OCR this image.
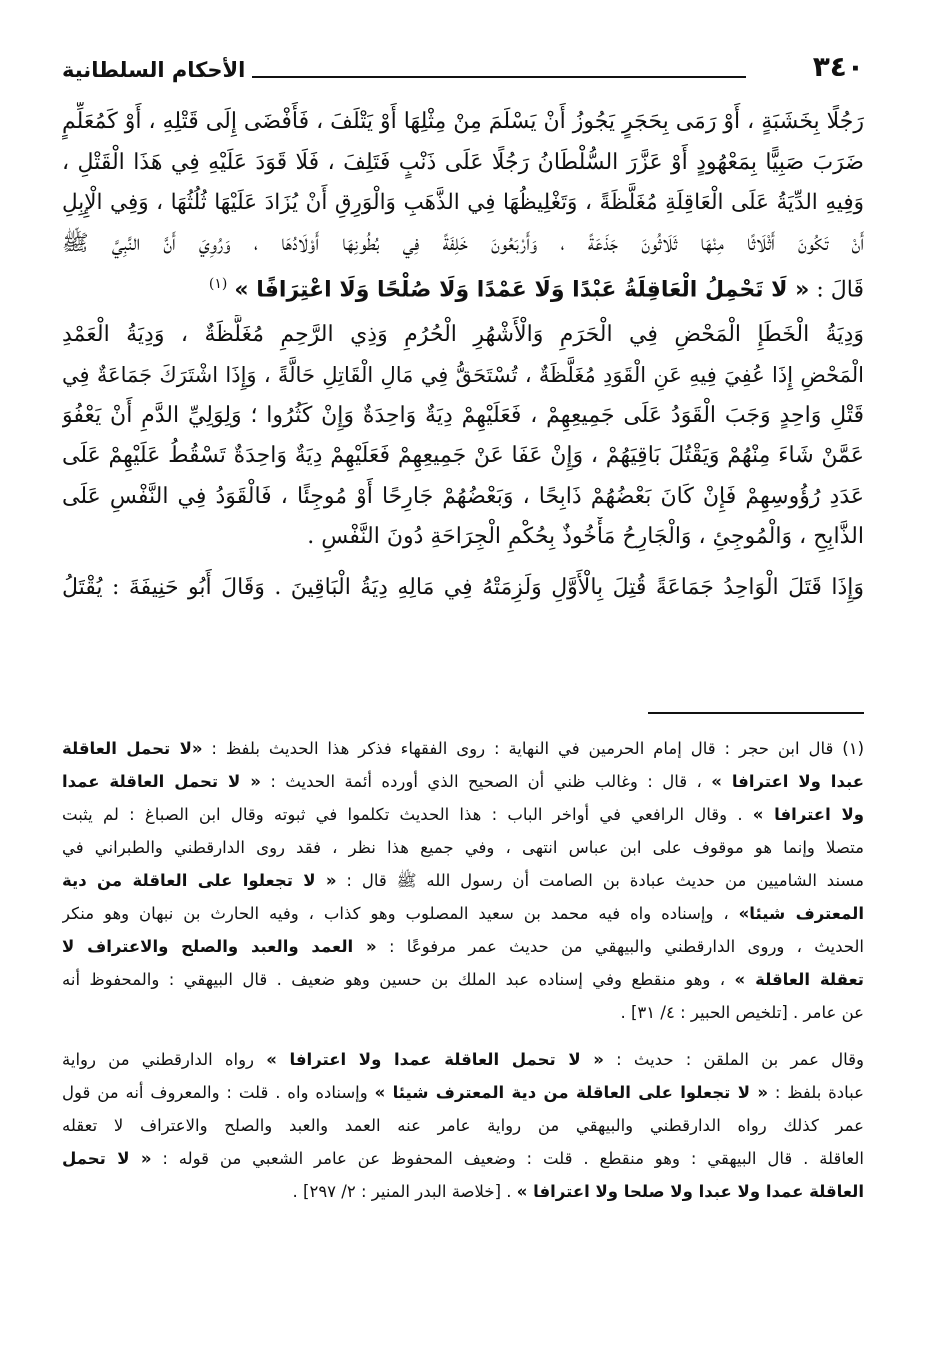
الأحكام السلطانية	٣٤٠
رَجُلًا بِخَشَبَةٍ ، أَوْ رَمَى بِحَجَرٍ يَجُوزُ أَنْ يَسْلَمَ مِنْ مِثْلِهَا أَوْ يَتْلَفَ ، فَأَفْضَى إِلَى قَتْلِهِ ، أَوْ كَمُعَلِّمٍ
ضَرَبَ صَبِيًّا بِمَعْهُودٍ أَوْ عَزَّرَ السُّلْطَانُ رَجُلًا عَلَى ذَنْبٍ فَتَلِفَ ، فَلَا قَوَدَ عَلَيْهِ فِي هَذَا الْقَتْلِ ،
وَفِيهِ الدِّيَةُ عَلَى الْعَاقِلَةِ مُغَلَّظَةً ، وَتَغْلِيظُهَا فِي الذَّهَبِ وَالْوَرِقِ أَنْ يُزَادَ عَلَيْهَا ثُلُثُهَا ، وَفِي الْإِبِلِ
أَنْ تَكُونَ أَثْلَاثًا مِنْهَا ثَلَاثُونَ جَذَعَةً ، وَأَرْبَعُونَ خَلِفَةً فِي بُطُونِهَا أَوْلَادُهَا ، وَرُوِيَ أَنَّ النَّبِيَّ ﷺ
قَالَ : « لَا تَحْمِلُ الْعَاقِلَةُ عَبْدًا وَلَا عَمْدًا وَلَا صُلْحًا وَلَا اعْتِرَافًا » $^{(١)}$
وَدِيَةُ الْخَطَإِ الْمَحْضِ فِي الْحَرَمِ وَالْأَشْهُرِ الْحُرُمِ وَذِي الرَّحِمِ مُغَلَّظَةٌ ، وَدِيَةُ الْعَمْدِ
الْمَحْضِ إِذَا عُفِيَ فِيهِ عَنِ الْقَوَدِ مُغَلَّظَةٌ ، تُسْتَحَقُّ فِي مَالِ الْقَاتِلِ حَالَّةً ، وَإِذَا اشْتَرَكَ جَمَاعَةٌ فِي
قَتْلِ وَاحِدٍ وَجَبَ الْقَوَدُ عَلَى جَمِيعِهِمْ ، فَعَلَيْهِمْ دِيَةٌ وَاحِدَةٌ وَإِنْ كَثُرُوا ؛ وَلِوَلِيِّ الدَّمِ أَنْ يَعْفُوَ
عَمَّنْ شَاءَ مِنْهُمْ وَيَقْتُلَ بَاقِيَهُمْ ، وَإِنْ عَفَا عَنْ جَمِيعِهِمْ فَعَلَيْهِمْ دِيَةٌ وَاحِدَةٌ تَسْقُطُ عَلَيْهِمْ عَلَى
عَدَدِ رُؤُوسِهِمْ فَإِنْ كَانَ بَعْضُهُمْ ذَابِحًا ، وَبَعْضُهُمْ جَارِحًا أَوْ مُوجِئًا ، فَالْقَوَدُ فِي النَّفْسِ عَلَى
الذَّابِحِ ، وَالْمُوجِئِ ، وَالْجَارِحُ مَأْخُوذٌ بِحُكْمِ الْجِرَاحَةِ دُونَ النَّفْسِ .
وَإِذَا قَتَلَ الْوَاحِدُ جَمَاعَةً قُتِلَ بِالْأَوَّلِ وَلَزِمَتْهُ فِي مَالِهِ دِيَةُ الْبَاقِينَ . وَقَالَ أَبُو حَنِيفَةَ : يُقْتَلُ
(١) قال ابن حجر : قال إمام الحرمين في النهاية : روى الفقهاء فذكر هذا الحديث بلفظ : «لا تحمل العاقلة
عبدا ولا اعترافا » ، قال : وغالب ظني أن الصحيح الذي أورده أئمة الحديث : « لا تحمل العاقلة عمدا
ولا اعترافا » . وقال الرافعي في أواخر الباب : هذا الحديث تكلموا في ثبوته وقال ابن الصباغ : لم يثبت
متصلا وإنما هو موقوف على ابن عباس انتهى ، وفي جميع هذا نظر ، فقد روى الدارقطني والطبراني في
مسند الشاميين من حديث عبادة بن الصامت أن رسول الله ﷺ قال : « لا تجعلوا على العاقلة من دية
المعترف شيئا» ، وإسناده واه فيه محمد بن سعيد المصلوب وهو كذاب ، وفيه الحارث بن نبهان وهو منكر
الحديث ، وروى الدارقطني والبيهقي من حديث عمر مرفوعًا : « العمد والعبد والصلح والاعتراف لا
تعقلة العاقلة » ، وهو منقطع وفي إسناده عبد الملك بن حسين وهو ضعيف . قال البيهقي : والمحفوظ أنه
عن عامر . [تلخيص الحبير : ٤/ ٣١] .
وقال عمر بن الملقن : حديث : « لا تحمل العاقلة عمدا ولا اعترافا » رواه الدارقطني من رواية
عبادة بلفظ : « لا تجعلوا على العاقلة من دية المعترف شيئا » وإسناده واه . قلت : والمعروف أنه من قول
عمر كذلك رواه الدارقطني والبيهقي من رواية عامر عنه العمد والعبد والصلح والاعتراف لا تعقله
العاقلة . قال البيهقي : وهو منقطع . قلت : وضعيف المحفوظ عن عامر الشعبي من قوله : « لا تحمل
العاقلة عمدا ولا عبدا ولا صلحا ولا اعترافا » . [خلاصة البدر المنير : ٢/ ٢٩٧] .
